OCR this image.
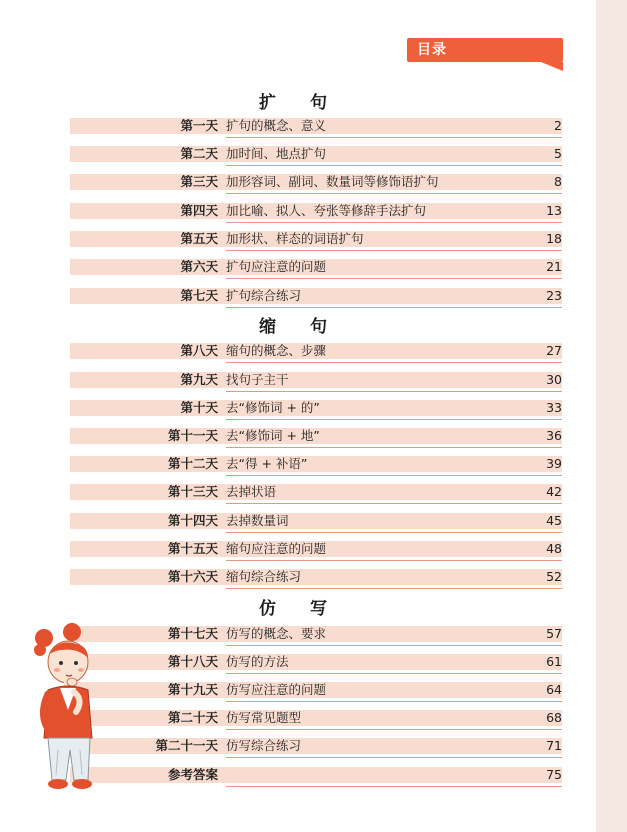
目录
扩 句
第一天 扩句的概念、意义	2
第二天 加时间、地点扩句	5
第三天 加形容词、副词、数量词等修饰语扩句	8
第四天 加比喻、拟人、夸张等修辞手法扩句	13
第五天 加形状、样态的词语扩句	18
第六天 扩句应注意的问题	21
第七天 扩句综合练习	23
缩 句
第八天 缩句的概念、步骤	27
第九天 找句子主干	30
第十天 去“修饰词 + 的”	33
第十一天 去“修饰词 + 地”	36
第十二天 去“得 + 补语”	39
第十三天 去掉状语	42
第十四天 去掉数量词	45
第十五天 缩句应注意的问题	48
第十六天 缩句综合练习	52
仿 写
第十七天 仿写的概念、要求	57
第十八天 仿写的方法	61
第十九天 仿写应注意的问题	64
第二十天 仿写常见题型	68
第二十一天 仿写综合练习	71
参考答案	75
